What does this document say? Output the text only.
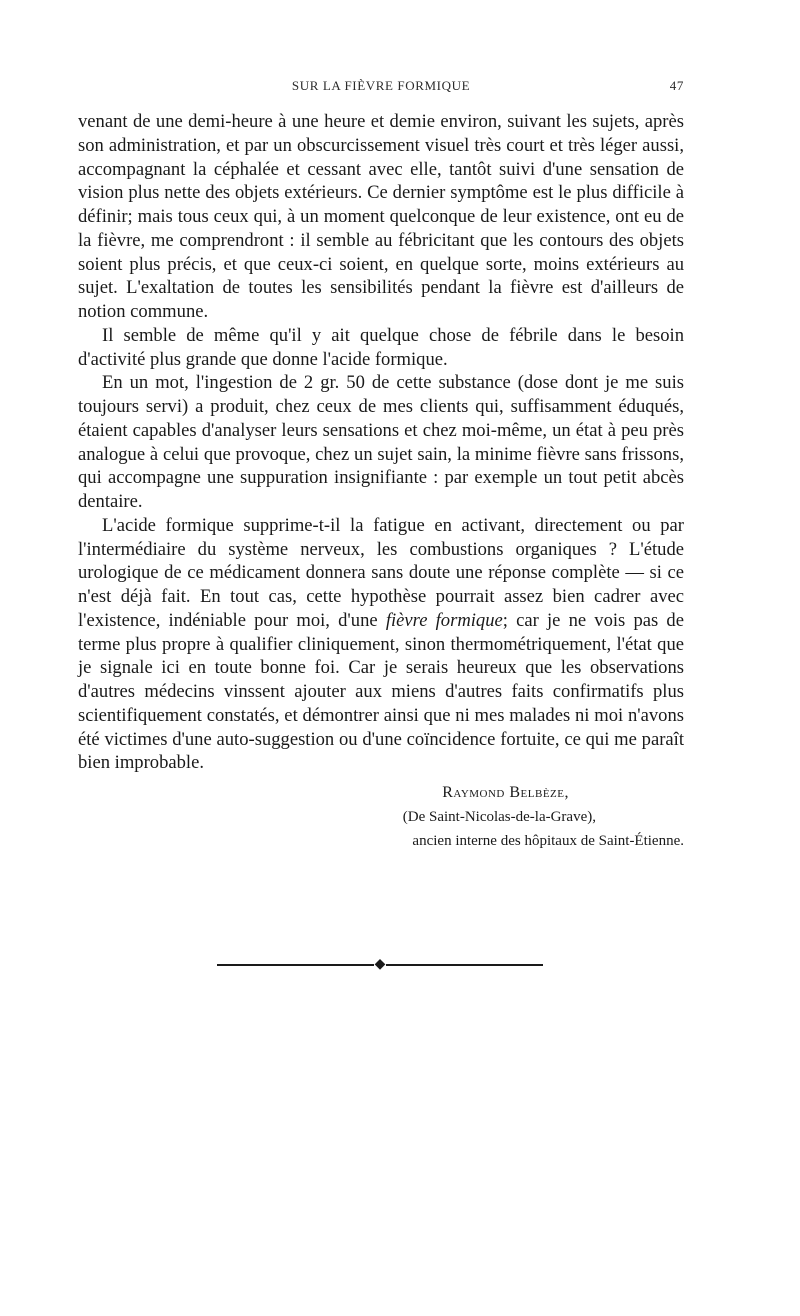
SUR LA FIÈVRE FORMIQUE	47

venant de une demi-heure à une heure et demie environ, suivant les sujets, après son administration, et par un obscurcissement visuel très court et très léger aussi, accompagnant la céphalée et cessant avec elle, tantôt suivi d'une sensation de vision plus nette des objets extérieurs. Ce dernier symptôme est le plus difficile à définir; mais tous ceux qui, à un moment quelconque de leur existence, ont eu de la fièvre, me comprendront : il semble au fébricitant que les contours des objets soient plus précis, et que ceux-ci soient, en quelque sorte, moins extérieurs au sujet. L'exaltation de toutes les sensibilités pendant la fièvre est d'ailleurs de notion commune.

Il semble de même qu'il y ait quelque chose de fébrile dans le besoin d'activité plus grande que donne l'acide formique.

En un mot, l'ingestion de 2 gr. 50 de cette substance (dose dont je me suis toujours servi) a produit, chez ceux de mes clients qui, suffisamment éduqués, étaient capables d'analyser leurs sensations et chez moi-même, un état à peu près analogue à celui que provoque, chez un sujet sain, la minime fièvre sans frissons, qui accompagne une suppuration insignifiante : par exemple un tout petit abcès dentaire.

L'acide formique supprime-t-il la fatigue en activant, directement ou par l'intermédiaire du système nerveux, les combustions organiques ? L'étude urologique de ce médicament donnera sans doute une réponse complète — si ce n'est déjà fait. En tout cas, cette hypothèse pourrait assez bien cadrer avec l'existence, indéniable pour moi, d'une fièvre formique; car je ne vois pas de terme plus propre à qualifier cliniquement, sinon thermométriquement, l'état que je signale ici en toute bonne foi. Car je serais heureux que les observations d'autres médecins vinssent ajouter aux miens d'autres faits confirmatifs plus scientifiquement constatés, et démontrer ainsi que ni mes malades ni moi n'avons été victimes d'une auto-suggestion ou d'une coïncidence fortuite, ce qui me paraît bien improbable.

Raymond Belbèze,
(De Saint-Nicolas-de-la-Grave),
ancien interne des hôpitaux de Saint-Étienne.
◆
